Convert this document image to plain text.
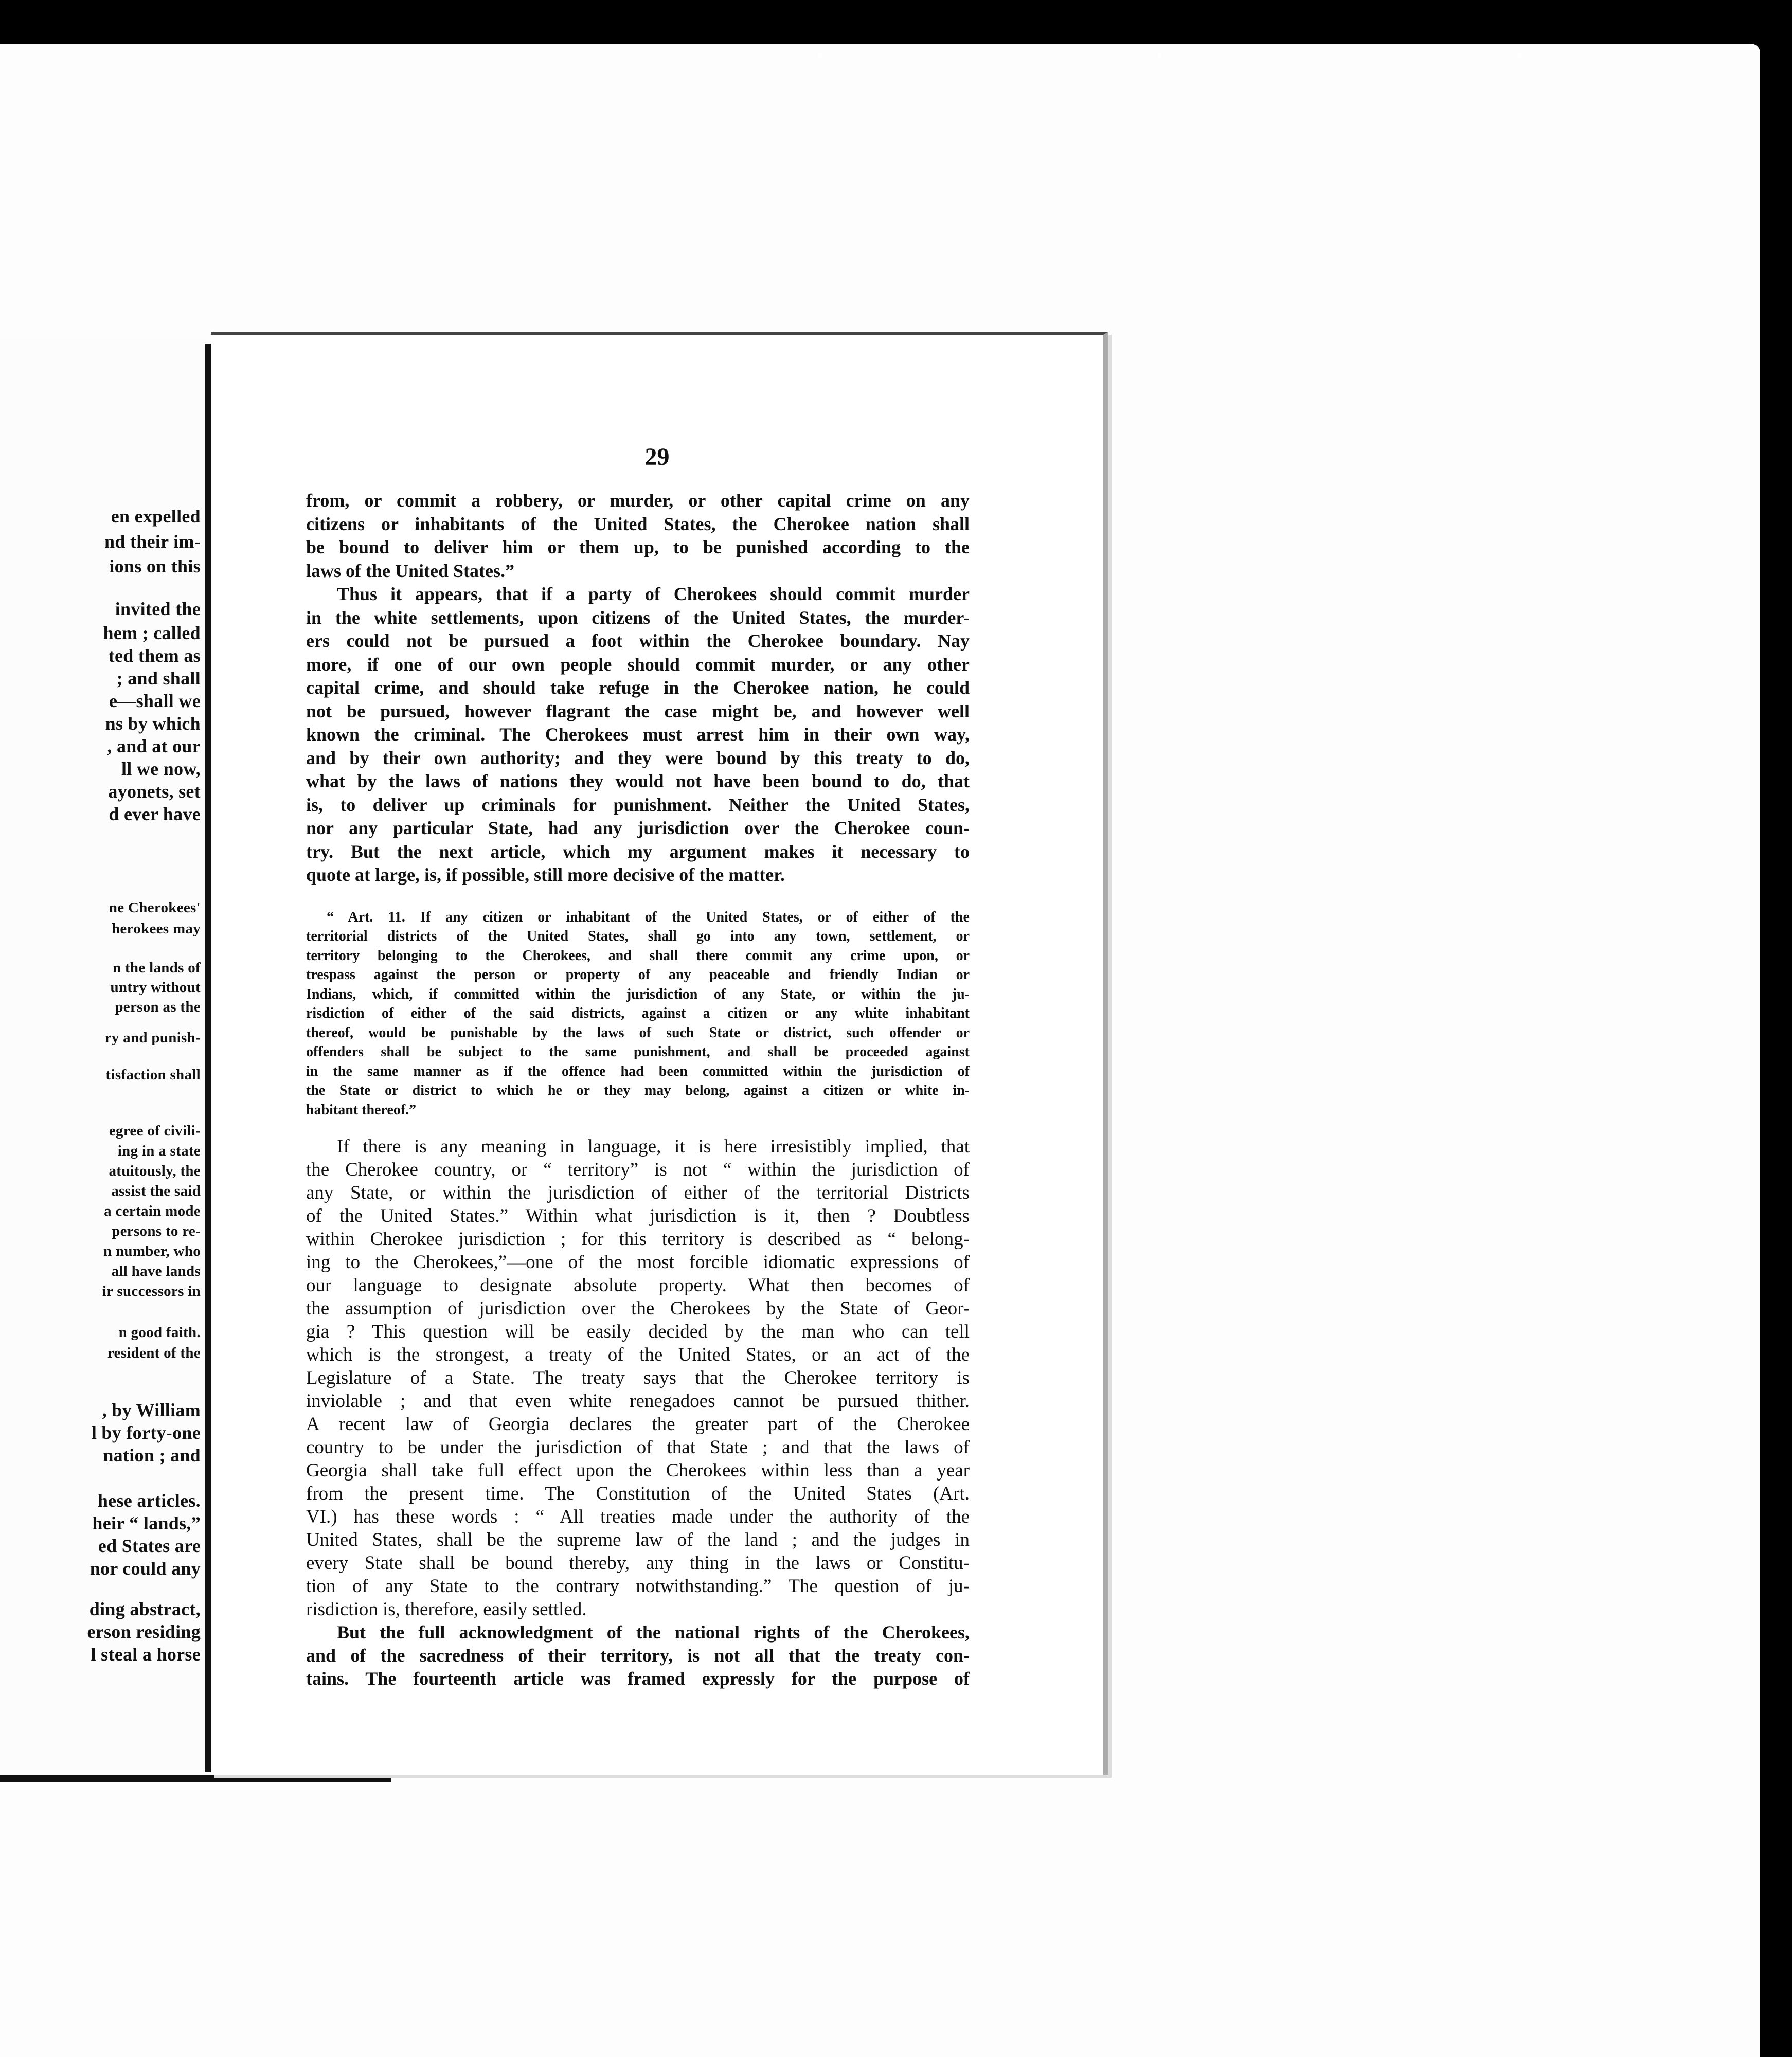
en expelled
nd their im-
ions on this
invited the
hem ; called
ted them as
; and shall
e—shall we
ns by which
, and at our
ll we now,
ayonets, set
d ever have
ne Cherokees'
herokees may
n the lands of
untry without
person as the
ry and punish-
tisfaction shall
egree of civili-
ing in a state
atuitously, the
assist the said
a certain mode
persons to re-
n number, who
all have lands
ir successors in
n good faith.
resident of the
, by William
l by forty-one
nation ; and
hese articles.
heir “ lands,”
ed States are
nor could any
ding abstract,
erson residing
l steal a horse
29
from, or commit a robbery, or murder, or other capital crime on any
citizens or inhabitants of the United States, the Cherokee nation shall
be bound to deliver him or them up, to be punished according to the
laws of the United States.”
Thus it appears, that if a party of Cherokees should commit murder
in the white settlements, upon citizens of the United States, the murder-
ers could not be pursued a foot within the Cherokee boundary. Nay
more, if one of our own people should commit murder, or any other
capital crime, and should take refuge in the Cherokee nation, he could
not be pursued, however flagrant the case might be, and however well
known the criminal. The Cherokees must arrest him in their own way,
and by their own authority; and they were bound by this treaty to do,
what by the laws of nations they would not have been bound to do, that
is, to deliver up criminals for punishment. Neither the United States,
nor any particular State, had any jurisdiction over the Cherokee coun-
try. But the next article, which my argument makes it necessary to
quote at large, is, if possible, still more decisive of the matter.
“ Art. 11. If any citizen or inhabitant of the United States, or of either of the
territorial districts of the United States, shall go into any town, settlement, or
territory belonging to the Cherokees, and shall there commit any crime upon, or
trespass against the person or property of any peaceable and friendly Indian or
Indians, which, if committed within the jurisdiction of any State, or within the ju-
risdiction of either of the said districts, against a citizen or any white inhabitant
thereof, would be punishable by the laws of such State or district, such offender or
offenders shall be subject to the same punishment, and shall be proceeded against
in the same manner as if the offence had been committed within the jurisdiction of
the State or district to which he or they may belong, against a citizen or white in-
habitant thereof.”
If there is any meaning in language, it is here irresistibly implied, that
the Cherokee country, or “ territory” is not “ within the jurisdiction of
any State, or within the jurisdiction of either of the territorial Districts
of the United States.” Within what jurisdiction is it, then ? Doubtless
within Cherokee jurisdiction ; for this territory is described as “ belong-
ing to the Cherokees,”—one of the most forcible idiomatic expressions of
our language to designate absolute property. What then becomes of
the assumption of jurisdiction over the Cherokees by the State of Geor-
gia ? This question will be easily decided by the man who can tell
which is the strongest, a treaty of the United States, or an act of the
Legislature of a State. The treaty says that the Cherokee territory is
inviolable ; and that even white renegadoes cannot be pursued thither.
A recent law of Georgia declares the greater part of the Cherokee
country to be under the jurisdiction of that State ; and that the laws of
Georgia shall take full effect upon the Cherokees within less than a year
from the present time. The Constitution of the United States (Art.
VI.) has these words : “ All treaties made under the authority of the
United States, shall be the supreme law of the land ; and the judges in
every State shall be bound thereby, any thing in the laws or Constitu-
tion of any State to the contrary notwithstanding.” The question of ju-
risdiction is, therefore, easily settled.
But the full acknowledgment of the national rights of the Cherokees,
and of the sacredness of their territory, is not all that the treaty con-
tains. The fourteenth article was framed expressly for the purpose of
